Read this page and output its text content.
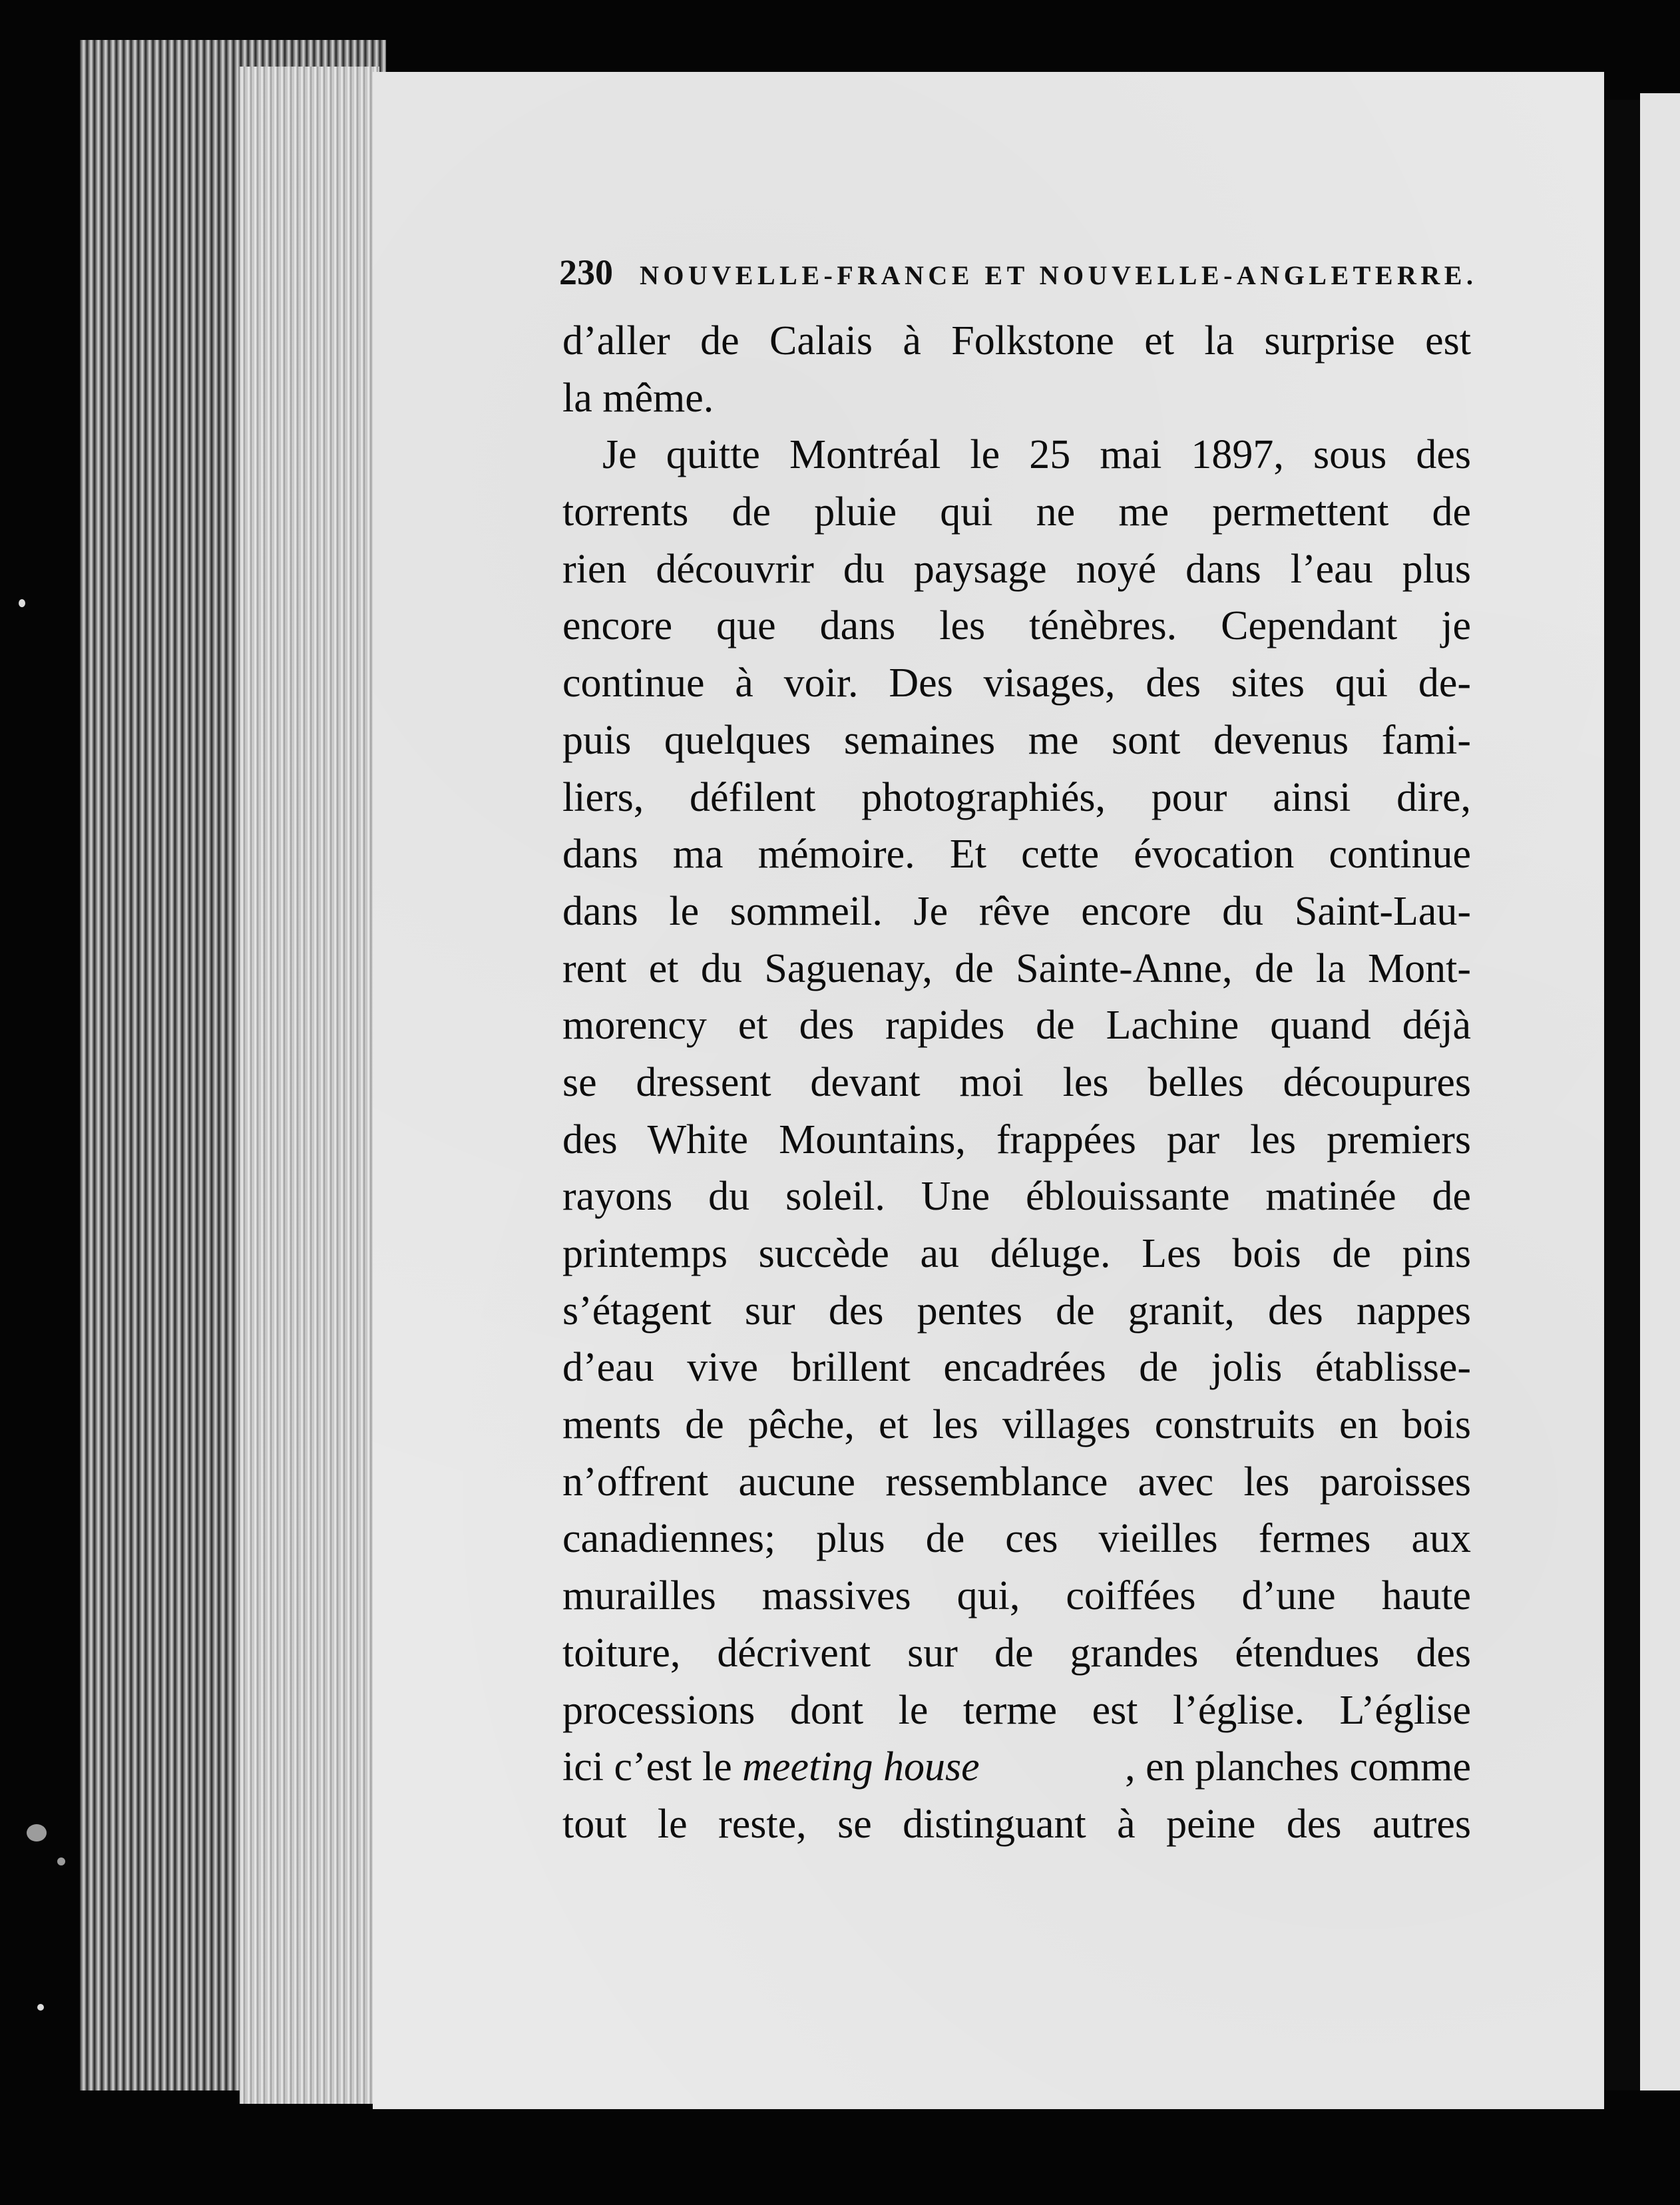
230 NOUVELLE-FRANCE ET NOUVELLE-ANGLETERRE.
d’aller de Calais à Folkstone et la surprise est
la même.
Je quitte Montréal le 25 mai 1897, sous des
torrents de pluie qui ne me permettent de
rien découvrir du paysage noyé dans l’eau plus
encore que dans les ténèbres. Cependant je
continue à voir. Des visages, des sites qui de-
puis quelques semaines me sont devenus fami-
liers, défilent photographiés, pour ainsi dire,
dans ma mémoire. Et cette évocation continue
dans le sommeil. Je rêve encore du Saint-Lau-
rent et du Saguenay, de Sainte-Anne, de la Mont-
morency et des rapides de Lachine quand déjà
se dressent devant moi les belles découpures
des White Mountains, frappées par les premiers
rayons du soleil. Une éblouissante matinée de
printemps succède au déluge. Les bois de pins
s’étagent sur des pentes de granit, des nappes
d’eau vive brillent encadrées de jolis établisse-
ments de pêche, et les villages construits en bois
n’offrent aucune ressemblance avec les paroisses
canadiennes; plus de ces vieilles fermes aux
murailles massives qui, coiffées d’une haute
toiture, décrivent sur de grandes étendues des
processions dont le terme est l’église. L’église
ici c’est le meeting house	, en planches comme
tout le reste, se distinguant à peine des autres
